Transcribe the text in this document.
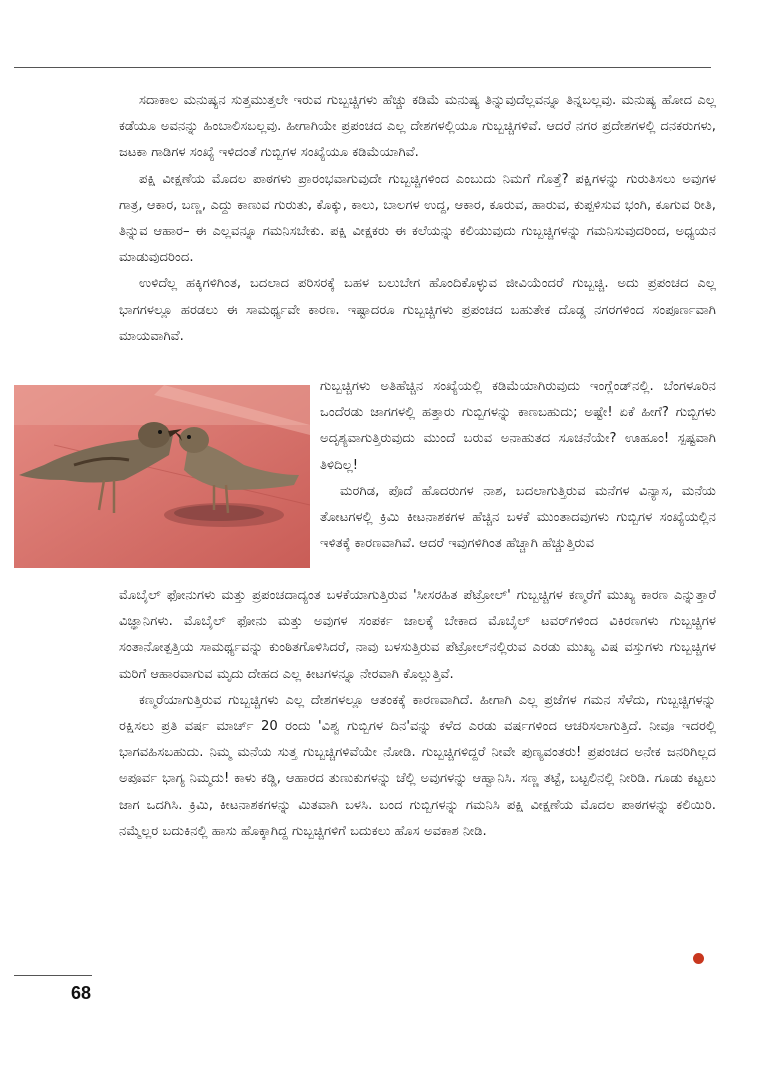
ಸದಾಕಾಲ ಮನುಷ್ಯನ ಸುತ್ತಮುತ್ತಲೇ ಇರುವ ಗುಬ್ಬಚ್ಚಿಗಳು ಹೆಚ್ಚು ಕಡಿಮೆ ಮನುಷ್ಯ ತಿನ್ನುವುದೆಲ್ಲವನ್ನೂ ತಿನ್ನಬಲ್ಲವು. ಮನುಷ್ಯ ಹೋದ ಎಲ್ಲ ಕಡೆಯೂ ಅವನನ್ನು ಹಿಂಬಾಲಿಸಬಲ್ಲವು. ಹೀಗಾಗಿಯೇ ಪ್ರಪಂಚದ ಎಲ್ಲ ದೇಶಗಳಲ್ಲಿಯೂ ಗುಬ್ಬಚ್ಚಿಗಳಿವೆ. ಆದರೆ ನಗರ ಪ್ರದೇಶಗಳಲ್ಲಿ ದನಕರುಗಳು, ಜಟಕಾ ಗಾಡಿಗಳ ಸಂಖ್ಯೆ ಇಳಿದಂತೆ ಗುಬ್ಬಿಗಳ ಸಂಖ್ಯೆಯೂ ಕಡಿಮೆಯಾಗಿವೆ.

ಪಕ್ಷಿ ವೀಕ್ಷಣೆಯ ಮೊದಲ ಪಾಠಗಳು ಪ್ರಾರಂಭವಾಗುವುದೇ ಗುಬ್ಬಚ್ಚಿಗಳಿಂದ ಎಂಬುದು ನಿಮಗೆ ಗೊತ್ತೆ? ಪಕ್ಷಿಗಳನ್ನು ಗುರುತಿಸಲು ಅವುಗಳ ಗಾತ್ರ, ಆಕಾರ, ಬಣ್ಣ, ಎದ್ದು ಕಾಣುವ ಗುರುತು, ಕೊಕ್ಕು, ಕಾಲು, ಬಾಲಗಳ ಉದ್ದ, ಆಕಾರ, ಕೂರುವ, ಹಾರುವ, ಕುಪ್ಪಳಿಸುವ ಭಂಗಿ, ಕೂಗುವ ರೀತಿ, ತಿನ್ನುವ ಆಹಾರ– ಈ ಎಲ್ಲವನ್ನೂ ಗಮನಿಸಬೇಕು. ಪಕ್ಷಿ ವೀಕ್ಷಕರು ಈ ಕಲೆಯನ್ನು ಕಲಿಯುವುದು ಗುಬ್ಬಚ್ಚಿಗಳನ್ನು ಗಮನಿಸುವುದರಿಂದ, ಅಧ್ಯಯನ ಮಾಡುವುದರಿಂದ.

ಉಳಿದೆಲ್ಲ ಹಕ್ಕಿಗಳಿಗಿಂತ, ಬದಲಾದ ಪರಿಸರಕ್ಕೆ ಬಹಳ ಬಲುಬೇಗ ಹೊಂದಿಕೊಳ್ಳುವ ಜೀವಿಯೆಂದರೆ ಗುಬ್ಬಚ್ಚಿ. ಅದು ಪ್ರಪಂಚದ ಎಲ್ಲ ಭಾಗಗಳಲ್ಲೂ ಹರಡಲು ಈ ಸಾಮರ್ಥ್ಯವೇ ಕಾರಣ. ಇಷ್ಟಾದರೂ ಗುಬ್ಬಚ್ಚಿಗಳು ಪ್ರಪಂಚದ ಬಹುತೇಕ ದೊಡ್ಡ ನಗರಗಳಿಂದ ಸಂಪೂರ್ಣವಾಗಿ ಮಾಯವಾಗಿವೆ.

ಗುಬ್ಬಚ್ಚಿಗಳು ಅತಿಹೆಚ್ಚಿನ ಸಂಖ್ಯೆಯಲ್ಲಿ ಕಡಿಮೆಯಾಗಿರುವುದು ಇಂಗ್ಲೆಂಡ್‌ನಲ್ಲಿ. ಬೆಂಗಳೂರಿನ ಒಂದೆರಡು ಜಾಗಗಳಲ್ಲಿ ಹತ್ತಾರು ಗುಬ್ಬಿಗಳನ್ನು ಕಾಣಬಹುದು; ಅಷ್ಟೇ! ಏಕೆ ಹೀಗೆ? ಗುಬ್ಬಿಗಳು ಅದೃಶ್ಯವಾಗುತ್ತಿರುವುದು ಮುಂದೆ ಬರುವ ಅನಾಹುತದ ಸೂಚನೆಯೇ? ಊಹೂಂ! ಸ್ಪಷ್ಟವಾಗಿ ತಿಳಿದಿಲ್ಲ!

ಮರಗಿಡ, ಪೊದೆ ಹೊದರುಗಳ ನಾಶ, ಬದಲಾಗುತ್ತಿರುವ ಮನೆಗಳ ವಿನ್ಯಾಸ, ಮನೆಯ ತೋಟಗಳಲ್ಲಿ ಕ್ರಿಮಿ ಕೀಟನಾಶಕಗಳ ಹೆಚ್ಚಿನ ಬಳಕೆ ಮುಂತಾದವುಗಳು ಗುಬ್ಬಿಗಳ ಸಂಖ್ಯೆಯಲ್ಲಿನ ಇಳಿತಕ್ಕೆ ಕಾರಣವಾಗಿವೆ. ಆದರೆ ಇವುಗಳಿಗಿಂತ ಹೆಚ್ಚಾಗಿ ಹೆಚ್ಚುತ್ತಿರುವ

ಮೊಬೈಲ್ ಫೋನುಗಳು ಮತ್ತು ಪ್ರಪಂಚದಾದ್ಯಂತ ಬಳಕೆಯಾಗುತ್ತಿರುವ 'ಸೀಸರಹಿತ ಪೆಟ್ರೋಲ್' ಗುಬ್ಬಚ್ಚಿಗಳ ಕಣ್ಮರೆಗೆ ಮುಖ್ಯ ಕಾರಣ ಎನ್ನುತ್ತಾರೆ ವಿಜ್ಞಾನಿಗಳು. ಮೊಬೈಲ್ ಫೋನು ಮತ್ತು ಅವುಗಳ ಸಂಪರ್ಕ ಜಾಲಕ್ಕೆ ಬೇಕಾದ ಮೊಬೈಲ್ ಟವರ್‌ಗಳಿಂದ ವಿಕಿರಣಗಳು ಗುಬ್ಬಚ್ಚಿಗಳ ಸಂತಾನೋತ್ಪತ್ತಿಯ ಸಾಮರ್ಥ್ಯವನ್ನು ಕುಂಠಿತಗೊಳಿಸಿದರೆ, ನಾವು ಬಳಸುತ್ತಿರುವ ಪೆಟ್ರೋಲ್‌ನಲ್ಲಿರುವ ಎರಡು ಮುಖ್ಯ ವಿಷ ವಸ್ತುಗಳು ಗುಬ್ಬಚ್ಚಿಗಳ ಮರಿಗೆ ಆಹಾರವಾಗುವ ಮೃದು ದೇಹದ ಎಲ್ಲ ಕೀಟಗಳನ್ನೂ ನೇರವಾಗಿ ಕೊಲ್ಲುತ್ತಿವೆ.

ಕಣ್ಮರೆಯಾಗುತ್ತಿರುವ ಗುಬ್ಬಚ್ಚಿಗಳು ಎಲ್ಲ ದೇಶಗಳಲ್ಲೂ ಆತಂಕಕ್ಕೆ ಕಾರಣವಾಗಿದೆ. ಹೀಗಾಗಿ ಎಲ್ಲ ಪ್ರಜೆಗಳ ಗಮನ ಸೆಳೆದು, ಗುಬ್ಬಚ್ಚಿಗಳನ್ನು ರಕ್ಷಿಸಲು ಪ್ರತಿ ವರ್ಷ ಮಾರ್ಚ್ 20 ರಂದು 'ವಿಶ್ವ ಗುಬ್ಬಿಗಳ ದಿನ'ವನ್ನು ಕಳೆದ ಎರಡು ವರ್ಷಗಳಿಂದ ಆಚರಿಸಲಾಗುತ್ತಿದೆ. ನೀವೂ ಇದರಲ್ಲಿ ಭಾಗವಹಿಸಬಹುದು. ನಿಮ್ಮ ಮನೆಯ ಸುತ್ತ ಗುಬ್ಬಚ್ಚಿಗಳಿವೆಯೇ ನೋಡಿ. ಗುಬ್ಬಚ್ಚಿಗಳಿದ್ದರೆ ನೀವೇ ಪುಣ್ಯವಂತರು! ಪ್ರಪಂಚದ ಅನೇಕ ಜನರಿಗಿಲ್ಲದ ಅಪೂರ್ವ ಭಾಗ್ಯ ನಿಮ್ಮದು! ಕಾಳು ಕಡ್ಡಿ, ಆಹಾರದ ತುಣುಕುಗಳನ್ನು ಚೆಲ್ಲಿ ಅವುಗಳನ್ನು ಆಹ್ವಾನಿಸಿ. ಸಣ್ಣ ತಟ್ಟೆ, ಬಟ್ಟಲಿನಲ್ಲಿ ನೀರಿಡಿ. ಗೂಡು ಕಟ್ಟಲು ಜಾಗ ಒದಗಿಸಿ. ಕ್ರಿಮಿ, ಕೀಟನಾಶಕಗಳನ್ನು ಮಿತವಾಗಿ ಬಳಸಿ. ಬಂದ ಗುಬ್ಬಿಗಳನ್ನು ಗಮನಿಸಿ ಪಕ್ಷಿ ವೀಕ್ಷಣೆಯ ಮೊದಲ ಪಾಠಗಳನ್ನು ಕಲಿಯಿರಿ. ನಮ್ಮೆಲ್ಲರ ಬದುಕಿನಲ್ಲಿ ಹಾಸು ಹೊಕ್ಕಾಗಿದ್ದ ಗುಬ್ಬಚ್ಚಿಗಳಿಗೆ ಬದುಕಲು ಹೊಸ ಅವಕಾಶ ನೀಡಿ.

68
